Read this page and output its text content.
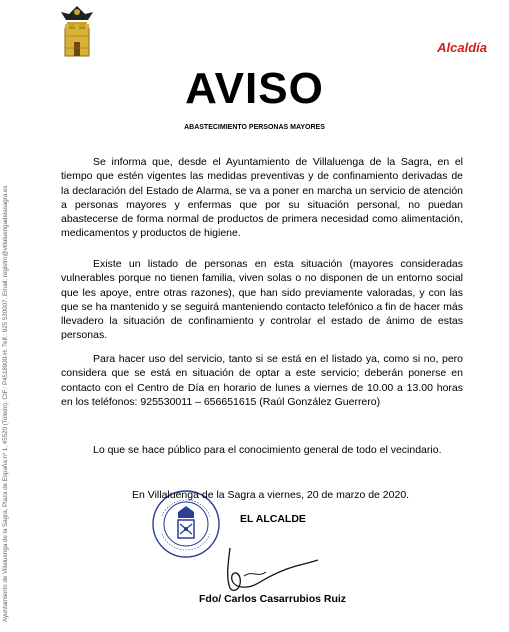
Alcaldía
AVISO
ABASTECIMIENTO PERSONAS MAYORES
Ayuntamiento de Villaluenga de la Sagra, Plaza de España nº 1, 45520 (Toledo). CIF.: P4518900-H. Telf.: 925 530007. Email: registro@villaluengadelasagra.es
Se informa que, desde el Ayuntamiento de Villaluenga de la Sagra, en el tiempo que estén vigentes las medidas preventivas y de confinamiento derivadas de la declaración del Estado de Alarma, se va a poner en marcha un servicio de atención a personas mayores y enfermas que por su situación personal, no puedan abastecerse de forma normal de productos de primera necesidad como alimentación, medicamentos y productos de higiene.
Existe un listado de personas en esta situación (mayores consideradas vulnerables porque no tienen familia, viven solas o no disponen de un entorno social que les apoye, entre otras razones), que han sido previamente valoradas, y con las que se ha mantenido y se seguirá manteniendo contacto telefónico a fin de hacer más llevadero la situación de confinamiento y controlar el estado de ánimo de estas personas.
Para hacer uso del servicio, tanto si se está en el listado ya, como si no, pero considera que se está en situación de optar a este servicio; deberán ponerse en contacto con el Centro de Día en horario de lunes a viernes de 10.00 a 13.00 horas en los teléfonos: 925530011 – 656651615 (Raúl González Guerrero)
Lo que se hace público para el conocimiento general de todo el vecindario.
En Villaluenga de la Sagra a viernes, 20 de marzo de 2020.
EL ALCALDE
Fdo/ Carlos Casarrubios Ruiz
